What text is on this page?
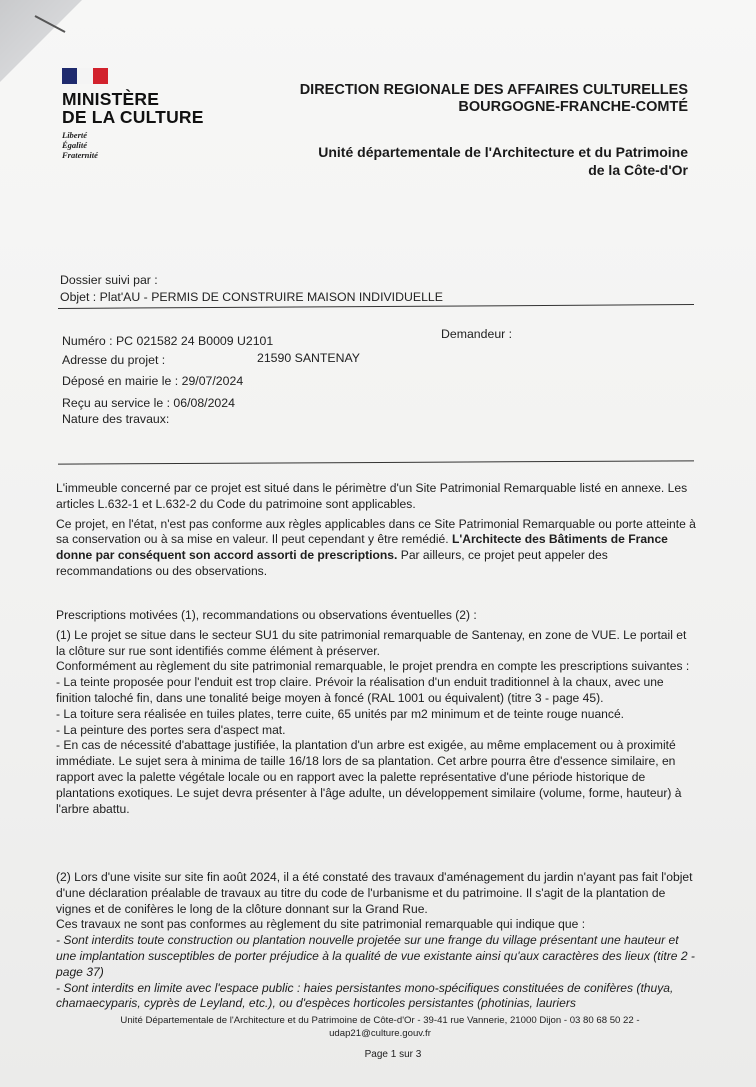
MINISTÈRE
DE LA CULTURE
Liberté
Égalité
Fraternité
DIRECTION REGIONALE DES AFFAIRES CULTURELLES
BOURGOGNE-FRANCHE-COMTÉ
Unité départementale de l'Architecture et du Patrimoine
de la Côte-d'Or
Dossier suivi par :
Objet : Plat'AU - PERMIS DE CONSTRUIRE MAISON INDIVIDUELLE
Numéro : PC 021582 24 B0009 U2101	Demandeur :
Adresse du projet :	21590 SANTENAY
Déposé en mairie le : 29/07/2024
Reçu au service le : 06/08/2024
Nature des travaux:

L'immeuble concerné par ce projet est situé dans le périmètre d'un Site Patrimonial Remarquable listé en annexe. Les articles L.632-1 et L.632-2 du Code du patrimoine sont applicables.

Ce projet, en l'état, n'est pas conforme aux règles applicables dans ce Site Patrimonial Remarquable ou porte atteinte à sa conservation ou à sa mise en valeur. Il peut cependant y être remédié. L'Architecte des Bâtiments de France donne par conséquent son accord assorti de prescriptions. Par ailleurs, ce projet peut appeler des recommandations ou des observations.

Prescriptions motivées (1), recommandations ou observations éventuelles (2) :

(1) Le projet se situe dans le secteur SU1 du site patrimonial remarquable de Santenay, en zone de VUE. Le portail et la clôture sur rue sont identifiés comme élément à préserver.

Conformément au règlement du site patrimonial remarquable, le projet prendra en compte les prescriptions suivantes :

- La teinte proposée pour l'enduit est trop claire. Prévoir la réalisation d'un enduit traditionnel à la chaux, avec une finition taloché fin, dans une tonalité beige moyen à foncé (RAL 1001 ou équivalent) (titre 3 - page 45).

- La toiture sera réalisée en tuiles plates, terre cuite, 65 unités par m2 minimum et de teinte rouge nuancé.

- La peinture des portes sera d'aspect mat.

- En cas de nécessité d'abattage justifiée, la plantation d'un arbre est exigée, au même emplacement ou à proximité immédiate. Le sujet sera à minima de taille 16/18 lors de sa plantation. Cet arbre pourra être d'essence similaire, en rapport avec la palette végétale locale ou en rapport avec la palette représentative d'une période historique de plantations exotiques. Le sujet devra présenter à l'âge adulte, un développement similaire (volume, forme, hauteur) à l'arbre abattu.

(2) Lors d'une visite sur site fin août 2024, il a été constaté des travaux d'aménagement du jardin n'ayant pas fait l'objet d'une déclaration préalable de travaux au titre du code de l'urbanisme et du patrimoine. Il s'agit de la plantation de vignes et de conifères le long de la clôture donnant sur la Grand Rue.

Ces travaux ne sont pas conformes au règlement du site patrimonial remarquable qui indique que :

- Sont interdits toute construction ou plantation nouvelle projetée sur une frange du village présentant une hauteur et une implantation susceptibles de porter préjudice à la qualité de vue existante ainsi qu'aux caractères des lieux (titre 2 - page 37)

- Sont interdits en limite avec l'espace public : haies persistantes mono-spécifiques constituées de conifères (thuya, chamaecyparis, cyprès de Leyland, etc.), ou d'espèces horticoles persistantes (photinias, lauriers

Unité Départementale de l'Architecture et du Patrimoine de Côte-d'Or - 39-41 rue Vannerie, 21000 Dijon - 03 80 68 50 22 -
udap21@culture.gouv.fr
Page 1 sur 3
